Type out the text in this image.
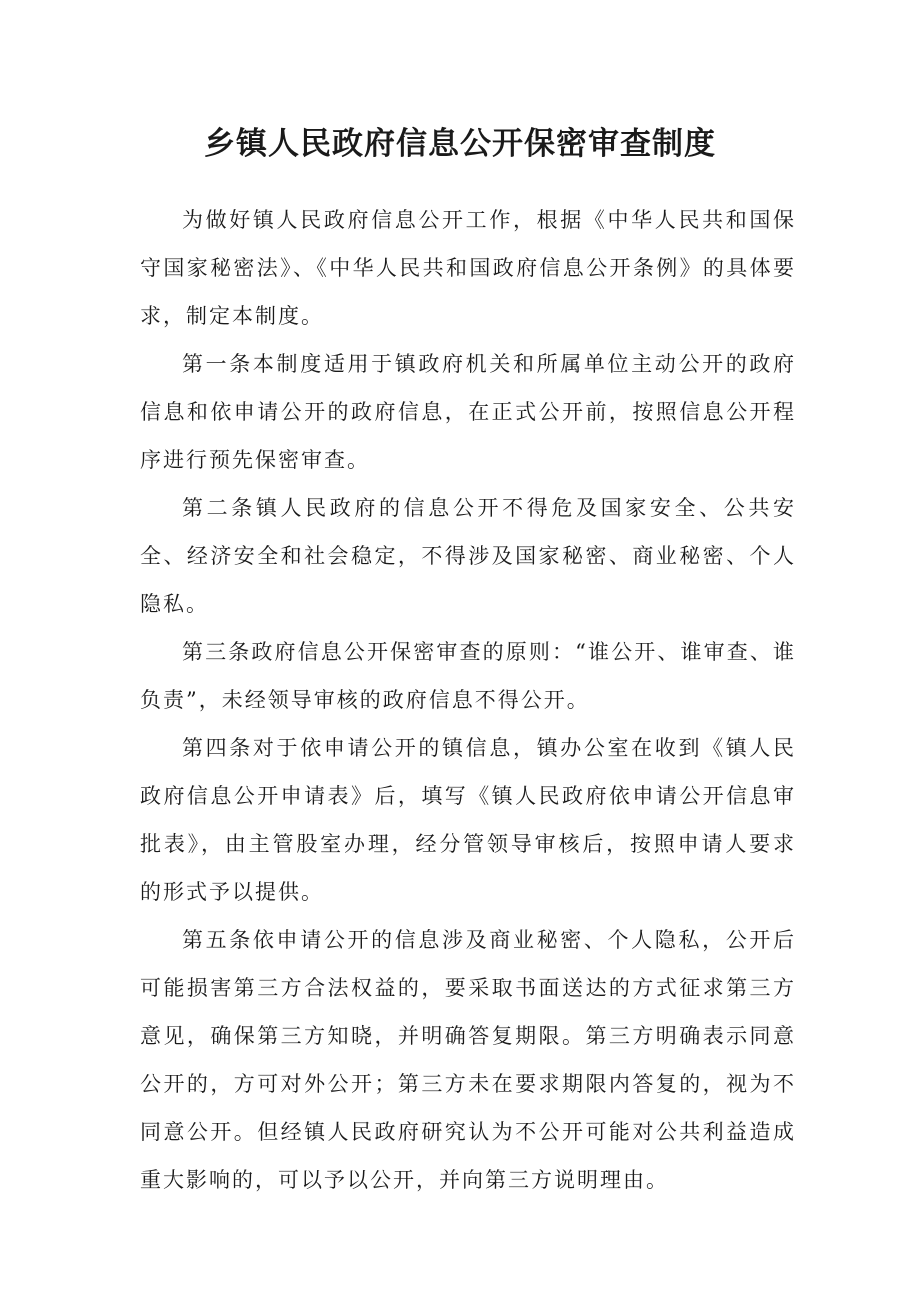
乡镇人民政府信息公开保密审查制度

为做好镇人民政府信息公开工作，根据《中华人民共和国保守国家秘密法》、《中华人民共和国政府信息公开条例》的具体要求，制定本制度。

第一条本制度适用于镇政府机关和所属单位主动公开的政府信息和依申请公开的政府信息，在正式公开前，按照信息公开程序进行预先保密审查。

第二条镇人民政府的信息公开不得危及国家安全、公共安全、经济安全和社会稳定，不得涉及国家秘密、商业秘密、个人隐私。

第三条政府信息公开保密审查的原则：“谁公开、谁审查、谁负责”，未经领导审核的政府信息不得公开。

第四条对于依申请公开的镇信息，镇办公室在收到《镇人民政府信息公开申请表》后，填写《镇人民政府依申请公开信息审批表》，由主管股室办理，经分管领导审核后，按照申请人要求的形式予以提供。

第五条依申请公开的信息涉及商业秘密、个人隐私，公开后可能损害第三方合法权益的，要采取书面送达的方式征求第三方意见，确保第三方知晓，并明确答复期限。第三方明确表示同意公开的，方可对外公开；第三方未在要求期限内答复的，视为不同意公开。但经镇人民政府研究认为不公开可能对公共利益造成重大影响的，可以予以公开，并向第三方说明理由。
